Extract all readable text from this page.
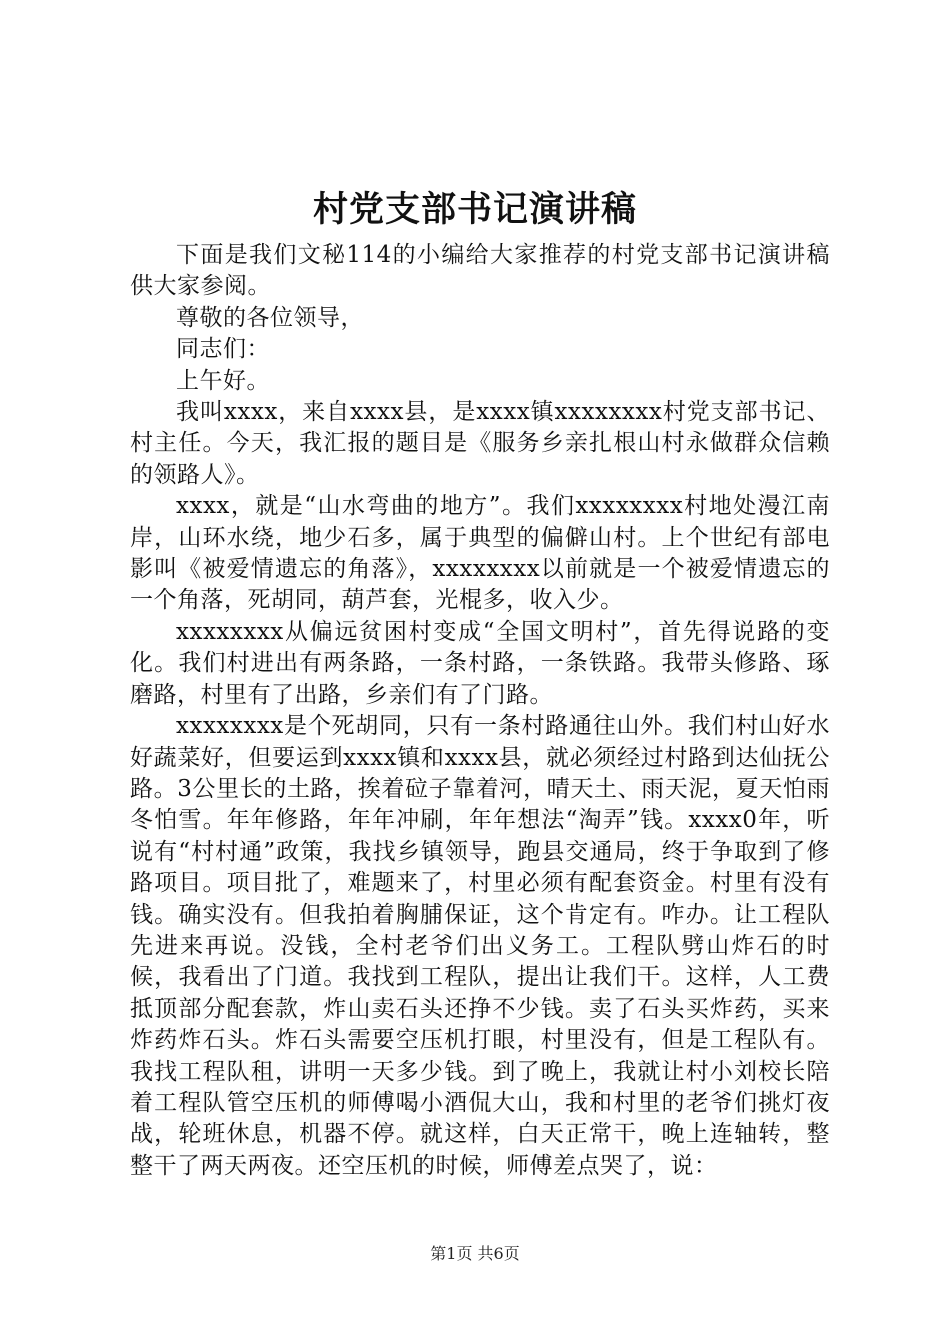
村党支部书记演讲稿

下面是我们文秘114的小编给大家推荐的村党支部书记演讲稿供大家参阅。

尊敬的各位领导，

同志们：

上午好。

我叫xxxx，来自xxxx县，是xxxx镇xxxxxxxx村党支部书记、村主任。今天，我汇报的题目是《服务乡亲扎根山村永做群众信赖的领路人》。

xxxx，就是“山水弯曲的地方”。我们xxxxxxxx村地处漫江南岸，山环水绕，地少石多，属于典型的偏僻山村。上个世纪有部电影叫《被爱情遗忘的角落》，xxxxxxxx以前就是一个被爱情遗忘的一个角落，死胡同，葫芦套，光棍多，收入少。

xxxxxxxx从偏远贫困村变成“全国文明村”，首先得说路的变化。我们村进出有两条路，一条村路，一条铁路。我带头修路、琢磨路，村里有了出路，乡亲们有了门路。

xxxxxxxx是个死胡同，只有一条村路通往山外。我们村山好水好蔬菜好，但要运到xxxx镇和xxxx县，就必须经过村路到达仙抚公路。3公里长的土路，挨着砬子靠着河，晴天土、雨天泥，夏天怕雨冬怕雪。年年修路，年年冲刷，年年想法“淘弄”钱。xxxx0年，听说有“村村通”政策，我找乡镇领导，跑县交通局，终于争取到了修路项目。项目批了，难题来了，村里必须有配套资金。村里有没有钱。确实没有。但我拍着胸脯保证，这个肯定有。咋办。让工程队先进来再说。没钱，全村老爷们出义务工。工程队劈山炸石的时候，我看出了门道。我找到工程队，提出让我们干。这样，人工费抵顶部分配套款，炸山卖石头还挣不少钱。卖了石头买炸药，买来炸药炸石头。炸石头需要空压机打眼，村里没有，但是工程队有。我找工程队租，讲明一天多少钱。到了晚上，我就让村小刘校长陪着工程队管空压机的师傅喝小酒侃大山，我和村里的老爷们挑灯夜战，轮班休息，机器不停。就这样，白天正常干，晚上连轴转，整整干了两天两夜。还空压机的时候，师傅差点哭了，说：

第1页 共6页
